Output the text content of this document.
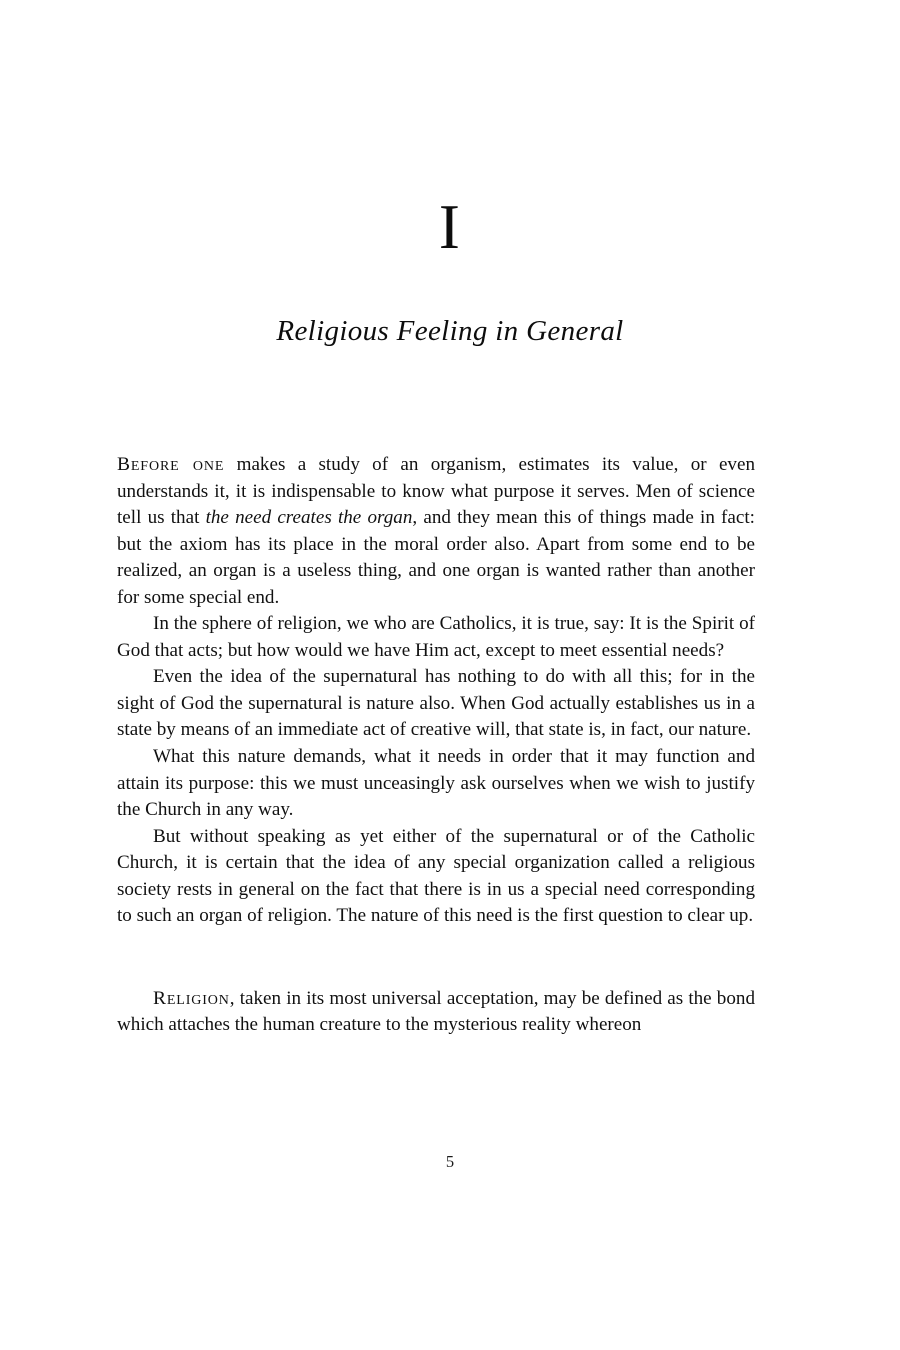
I
Religious Feeling in General

Before one makes a study of an organism, estimates its value, or even understands it, it is indispensable to know what purpose it serves. Men of science tell us that the need creates the organ, and they mean this of things made in fact: but the axiom has its place in the moral order also. Apart from some end to be realized, an organ is a useless thing, and one organ is wanted rather than another for some special end.

In the sphere of religion, we who are Catholics, it is true, say: It is the Spirit of God that acts; but how would we have Him act, except to meet essential needs?

Even the idea of the supernatural has nothing to do with all this; for in the sight of God the supernatural is nature also. When God actually establishes us in a state by means of an immediate act of creative will, that state is, in fact, our nature.

What this nature demands, what it needs in order that it may function and attain its purpose: this we must unceasingly ask ourselves when we wish to justify the Church in any way.

But without speaking as yet either of the supernatural or of the Catholic Church, it is certain that the idea of any special organization called a religious society rests in general on the fact that there is in us a special need corresponding to such an organ of religion. The nature of this need is the first question to clear up.

Religion, taken in its most universal acceptation, may be defined as the bond which attaches the human creature to the mysterious reality whereon

5
